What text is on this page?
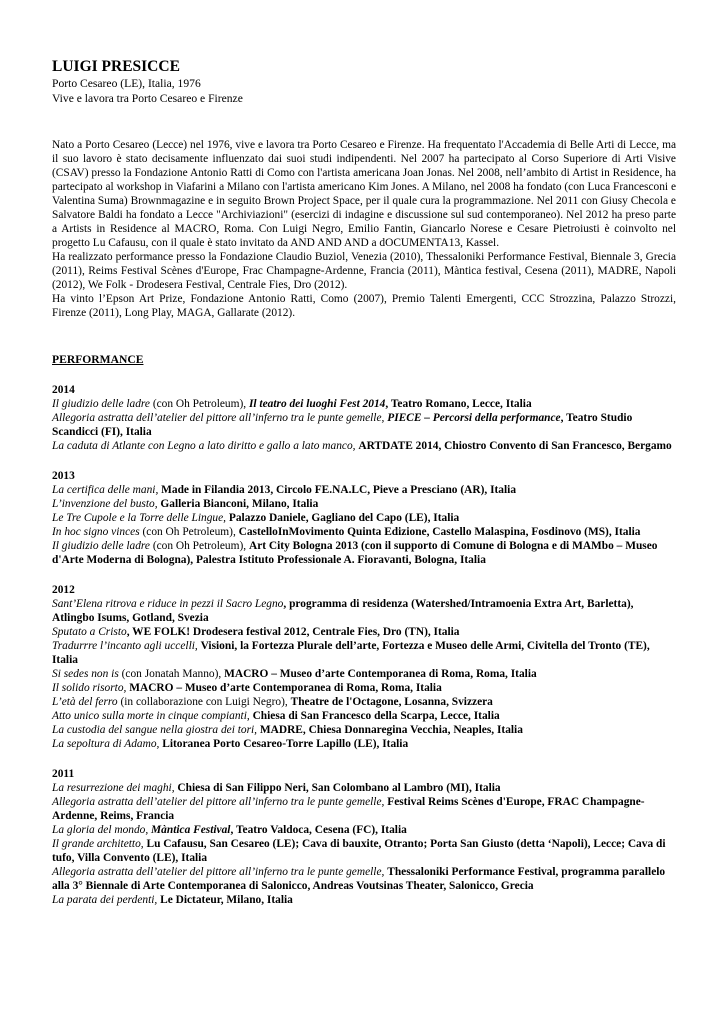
LUIGI PRESICCE

Porto Cesareo (LE), Italia, 1976

Vive e lavora tra Porto Cesareo e Firenze

Nato a Porto Cesareo (Lecce) nel 1976, vive e lavora tra Porto Cesareo e Firenze. Ha frequentato l'Accademia di Belle Arti di Lecce, ma il suo lavoro è stato decisamente influenzato dai suoi studi indipendenti. Nel 2007 ha partecipato al Corso Superiore di Arti Visive (CSAV) presso la Fondazione Antonio Ratti di Como con l'artista americana Joan Jonas. Nel 2008, nell’ambito di Artist in Residence, ha partecipato al workshop in Viafarini a Milano con l'artista americano Kim Jones. A Milano, nel 2008 ha fondato (con Luca Francesconi e Valentina Suma) Brownmagazine e in seguito Brown Project Space, per il quale cura la programmazione. Nel 2011 con Giusy Checola e Salvatore Baldi ha fondato a Lecce "Archiviazioni" (esercizi di indagine e discussione sul sud contemporaneo). Nel 2012 ha preso parte a Artists in Residence al MACRO, Roma. Con Luigi Negro, Emilio Fantin, Giancarlo Norese e Cesare Pietroiusti è coinvolto nel progetto Lu Cafausu, con il quale è stato invitato da AND AND AND a dOCUMENTA13, Kassel.

Ha realizzato performance presso la Fondazione Claudio Buziol, Venezia (2010), Thessaloniki Performance Festival, Biennale 3, Grecia (2011), Reims Festival Scènes d'Europe, Frac Champagne-Ardenne, Francia (2011), Màntica festival, Cesena (2011), MADRE, Napoli (2012), We Folk - Drodesera Festival, Centrale Fies, Dro (2012).

Ha vinto l’Epson Art Prize, Fondazione Antonio Ratti, Como (2007), Premio Talenti Emergenti, CCC Strozzina, Palazzo Strozzi, Firenze (2011), Long Play, MAGA, Gallarate (2012).

PERFORMANCE

2014

Il giudizio delle ladre (con Oh Petroleum), Il teatro dei luoghi Fest 2014, Teatro Romano, Lecce, Italia

Allegoria astratta dell’atelier del pittore all’inferno tra le punte gemelle, PIECE – Percorsi della performance, Teatro Studio Scandicci (FI), Italia

La caduta di Atlante con Legno a lato diritto e gallo a lato manco, ARTDATE 2014, Chiostro Convento di San Francesco, Bergamo

2013

La certifica delle mani, Made in Filandia 2013, Circolo FE.NA.LC, Pieve a Presciano (AR), Italia

L’invenzione del busto, Galleria Bianconi, Milano, Italia

Le Tre Cupole e la Torre delle Lingue, Palazzo Daniele, Gagliano del Capo (LE), Italia

In hoc signo vinces (con Oh Petroleum), CastelloInMovimento Quinta Edizione, Castello Malaspina, Fosdinovo (MS), Italia

Il giudizio delle ladre (con Oh Petroleum), Art City Bologna 2013 (con il supporto di Comune di Bologna e di MAMbo – Museo d'Arte Moderna di Bologna), Palestra Istituto Professionale A. Fioravanti, Bologna, Italia

2012

Sant’Elena ritrova e riduce in pezzi il Sacro Legno, programma di residenza (Watershed/Intramoenia Extra Art, Barletta), Atlingbo Isums, Gotland, Svezia

Sputato a Cristo, WE FOLK! Drodesera festival 2012, Centrale Fies, Dro (TN), Italia

Tradurrre l’incanto agli uccelli, Visioni, la Fortezza Plurale dell’arte, Fortezza e Museo delle Armi, Civitella del Tronto (TE), Italia

Si sedes non is (con Jonatah Manno), MACRO – Museo d’arte Contemporanea di Roma, Roma, Italia

Il solido risorto, MACRO – Museo d’arte Contemporanea di Roma, Roma, Italia

L’età del ferro (in collaborazione con Luigi Negro), Theatre de l'Octagone, Losanna, Svizzera

Atto unico sulla morte in cinque compianti, Chiesa di San Francesco della Scarpa, Lecce, Italia

La custodia del sangue nella giostra dei tori, MADRE, Chiesa Donnaregina Vecchia, Neaples, Italia

La sepoltura di Adamo, Litoranea Porto Cesareo-Torre Lapillo (LE), Italia

2011

La resurrezione dei maghi, Chiesa di San Filippo Neri, San Colombano al Lambro (MI), Italia

Allegoria astratta dell’atelier del pittore all’inferno tra le punte gemelle, Festival Reims Scènes d'Europe, FRAC Champagne-Ardenne, Reims, Francia

La gloria del mondo, Màntica Festival, Teatro Valdoca, Cesena (FC), Italia

Il grande architetto, Lu Cafausu, San Cesareo (LE); Cava di bauxite, Otranto; Porta San Giusto (detta ‘Napoli), Lecce; Cava di tufo, Villa Convento (LE), Italia

Allegoria astratta dell’atelier del pittore all’inferno tra le punte gemelle, Thessaloniki Performance Festival, programma parallelo alla 3° Biennale di Arte Contemporanea di Salonicco, Andreas Voutsinas Theater, Salonicco, Grecia

La parata dei perdenti, Le Dictateur, Milano, Italia
